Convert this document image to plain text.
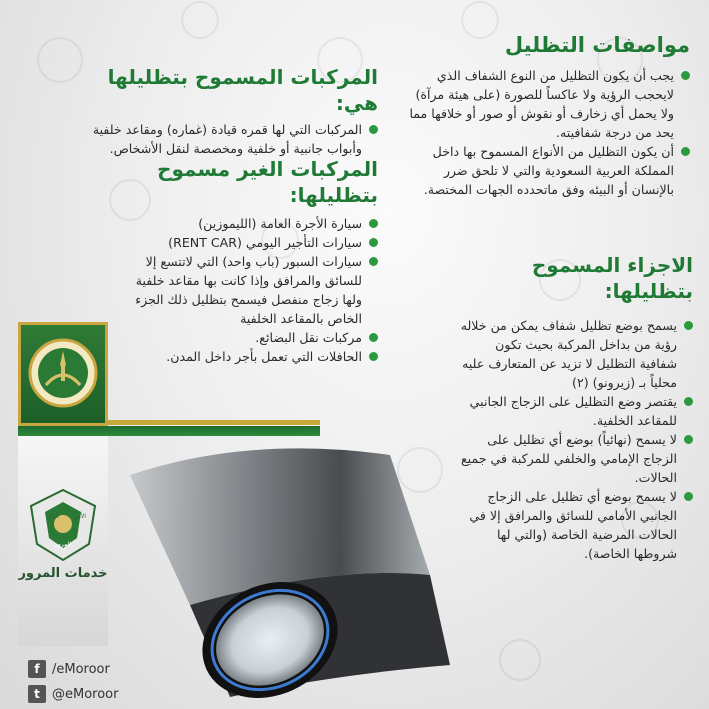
مواصفات التظليل
يجب أن يكون التظليل من النوع الشفاف الذي لايحجب الرؤية ولا عاكساً للصورة (على هيئة مرآة) ولا يحمل أي زخارف أو نقوش أو صور أو خلافها مما يحد من درجة شفافيته.
أن يكون التظليل من الأنواع المسموح بها داخل المملكة العربية السعودية والتي لا تلحق ضرر بالإنسان أو البيئه وفق ماتحدده الجهات المختصة.
المركبات المسموح بتظليلها هي:
المركبات التي لها قمره قيادة (غماره) ومقاعد خلفية وأبواب جانبية أو خلفية ومخصصة لنقل الأشخاص.
المركبات الغير مسموح بتظليلها:
سيارة الأجرة العامة (الليموزين)
سيارات التأجير اليومي (RENT CAR)
سيارات السبور (باب واحد) التي لاتتسع إلا للسائق والمرافق وإذا كانت بها مقاعد خلفية ولها زجاج منفصل فيسمح بتظليل ذلك الجزء الخاص بالمقاعد الخلفية
مركبات نقل البضائع.
الحافلات التي تعمل بأجر داخل المدن.
الاجزاء المسموح بتظليلها:
يسمح بوضع تظليل شفاف يمكن من خلاله رؤية من بداخل المركبة بحيث تكون شفافية التظليل لا تزيد عن المتعارف عليه محلياً بـ (زيرونو) (٢)
يقتصر وضع التظليل على الزجاج الجانبي للمقاعد الخلفية.
لا يسمح (نهائياً) بوضع أي تظليل على الزجاج الإمامي والخلفي للمركبة في جميع الحالات.
لا يسمح بوضع أي تظليل على الزجاج الجانبي الأمامي للسائق والمرافق إلا في الحالات المرضية الخاصة (والتي لها شروطها الخاصة).
العام الأمن
المرور
خدمات المرور
f /eMoroor
t @eMoroor
